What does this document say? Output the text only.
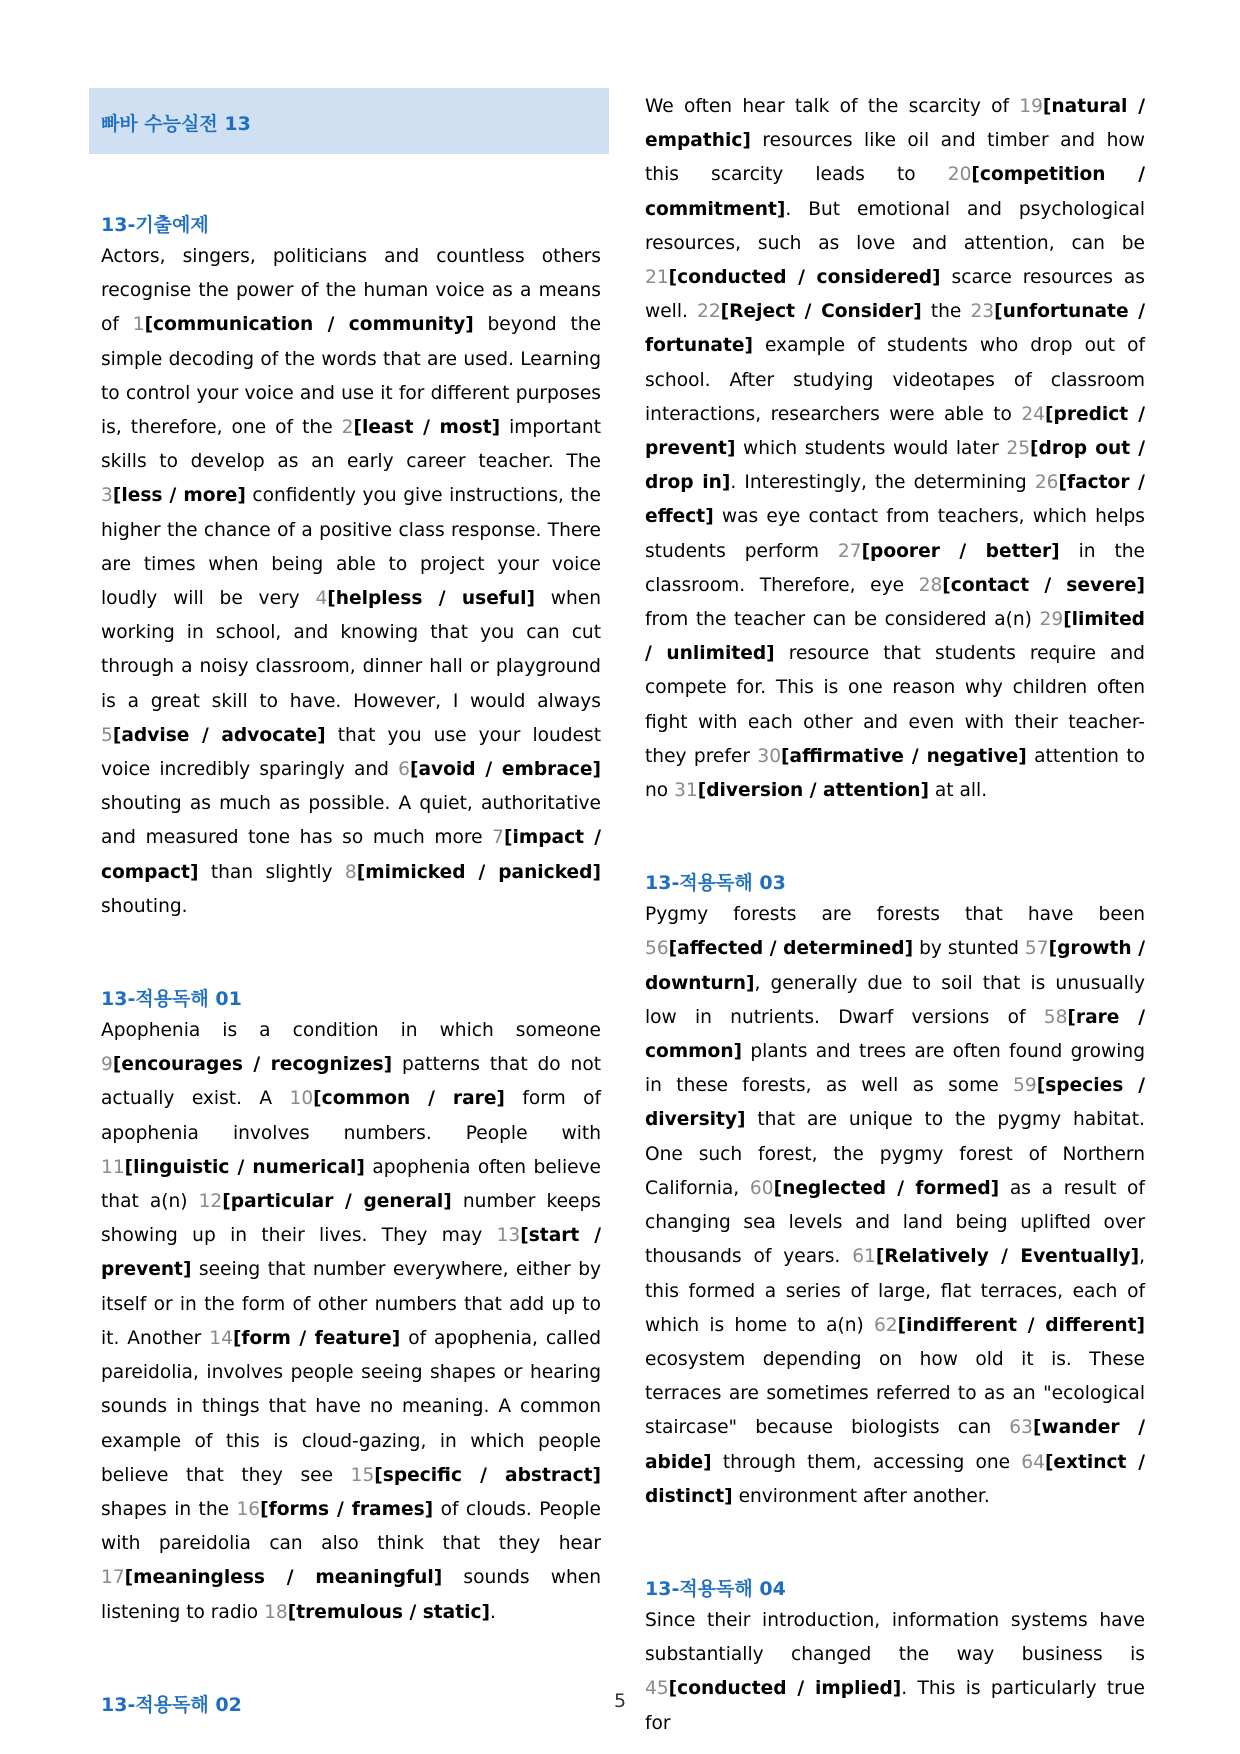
빠바 수능실전 13
13-기출예제

Actors, singers, politicians and countless others recognise the power of the human voice as a means of 1[communication / community] beyond the simple decoding of the words that are used. Learning to control your voice and use it for different purposes is, therefore, one of the 2[least / most] important skills to develop as an early career teacher. The 3[less / more] confidently you give instructions, the higher the chance of a positive class response. There are times when being able to project your voice loudly will be very 4[helpless / useful] when working in school, and knowing that you can cut through a noisy classroom, dinner hall or playground is a great skill to have. However, I would always 5[advise / advocate] that you use your loudest voice incredibly sparingly and 6[avoid / embrace] shouting as much as possible. A quiet, authoritative and measured tone has so much more 7[impact / compact] than slightly 8[mimicked / panicked] shouting.

13-적용독해 01

Apophenia is a condition in which someone 9[encourages / recognizes] patterns that do not actually exist. A 10[common / rare] form of apophenia involves numbers. People with 11[linguistic / numerical] apophenia often believe that a(n) 12[particular / general] number keeps showing up in their lives. They may 13[start / prevent] seeing that number everywhere, either by itself or in the form of other numbers that add up to it. Another 14[form / feature] of apophenia, called pareidolia, involves people seeing shapes or hearing sounds in things that have no meaning. A common example of this is cloud-gazing, in which people believe that they see 15[specific / abstract] shapes in the 16[forms / frames] of clouds. People with pareidolia can also think that they hear 17[meaningless / meaningful] sounds when listening to radio 18[tremulous / static].

13-적용독해 02

We often hear talk of the scarcity of 19[natural / empathic] resources like oil and timber and how this scarcity leads to 20[competition / commitment]. But emotional and psychological resources, such as love and attention, can be 21[conducted / considered] scarce resources as well. 22[Reject / Consider] the 23[unfortunate / fortunate] example of students who drop out of school. After studying videotapes of classroom interactions, researchers were able to 24[predict / prevent] which students would later 25[drop out / drop in]. Interestingly, the determining 26[factor / effect] was eye contact from teachers, which helps students perform 27[poorer / better] in the classroom. Therefore, eye 28[contact / severe] from the teacher can be considered a(n) 29[limited / unlimited] resource that students require and compete for. This is one reason why children often fight with each other and even with their teacher-they prefer 30[affirmative / negative] attention to no 31[diversion / attention] at all.

13-적용독해 03

Pygmy forests are forests that have been 56[affected / determined] by stunted 57[growth / downturn], generally due to soil that is unusually low in nutrients. Dwarf versions of 58[rare / common] plants and trees are often found growing in these forests, as well as some 59[species / diversity] that are unique to the pygmy habitat. One such forest, the pygmy forest of Northern California, 60[neglected / formed] as a result of changing sea levels and land being uplifted over thousands of years. 61[Relatively / Eventually], this formed a series of large, flat terraces, each of which is home to a(n) 62[indifferent / different] ecosystem depending on how old it is. These terraces are sometimes referred to as an "ecological staircase" because biologists can 63[wander / abide] through them, accessing one 64[extinct / distinct] environment after another.

13-적용독해 04

Since their introduction, information systems have substantially changed the way business is 45[conducted / implied]. This is particularly true for

5
